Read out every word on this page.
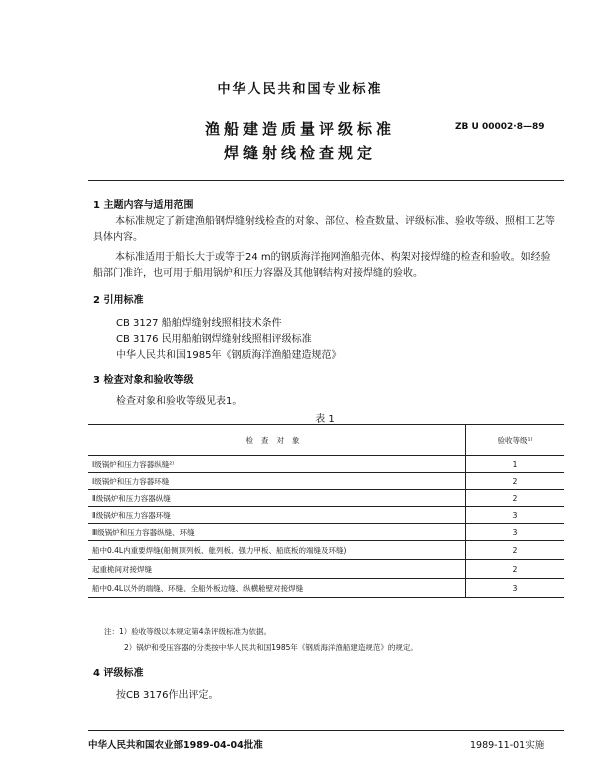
中华人民共和国专业标准
渔船建造质量评级标准
焊缝射线检查规定
ZB U 00002·8—89
1 主题内容与适用范围
本标准规定了新建渔船钢焊缝射线检查的对象、部位、检查数量、评级标准、验收等级、照相工艺等具体内容。
本标准适用于船长大于或等于24 m的钢质海洋拖网渔船壳体、构架对接焊缝的检查和验收。如经验船部门准许，也可用于船用锅炉和压力容器及其他钢结构对接焊缝的验收。
2 引用标准
CB 3127 船舶焊缝射线照相技术条件
CB 3176 民用船舶钢焊缝射线照相评级标准
中华人民共和国1985年《钢质海洋渔船建造规范》
3 检查对象和验收等级
检查对象和验收等级见表1。
表 1
检查对象	验收等级¹⁾
Ⅰ级锅炉和压力容器纵缝²⁾	1
Ⅰ级锅炉和压力容器环缝	2
Ⅱ级锅炉和压力容器纵缝	2
Ⅱ级锅炉和压力容器环缝	3
Ⅲ级锅炉和压力容器纵缝、环缝	3
船中0.4L内重要焊缝(船侧顶列板、舭列板、强力甲板、船底板的端缝及环缝)	2
起重桅间对接焊缝	2
船中0.4L以外的端缝、环缝、全船外板边缝、纵横舱壁对接焊缝	3
注：1）验收等级以本规定第4条评级标准为依据。
2）锅炉和受压容器的分类按中华人民共和国1985年《钢质海洋渔船建造规范》的规定。
4 评级标准
按CB 3176作出评定。
中华人民共和国农业部1989-04-04批准	1989-11-01实施
